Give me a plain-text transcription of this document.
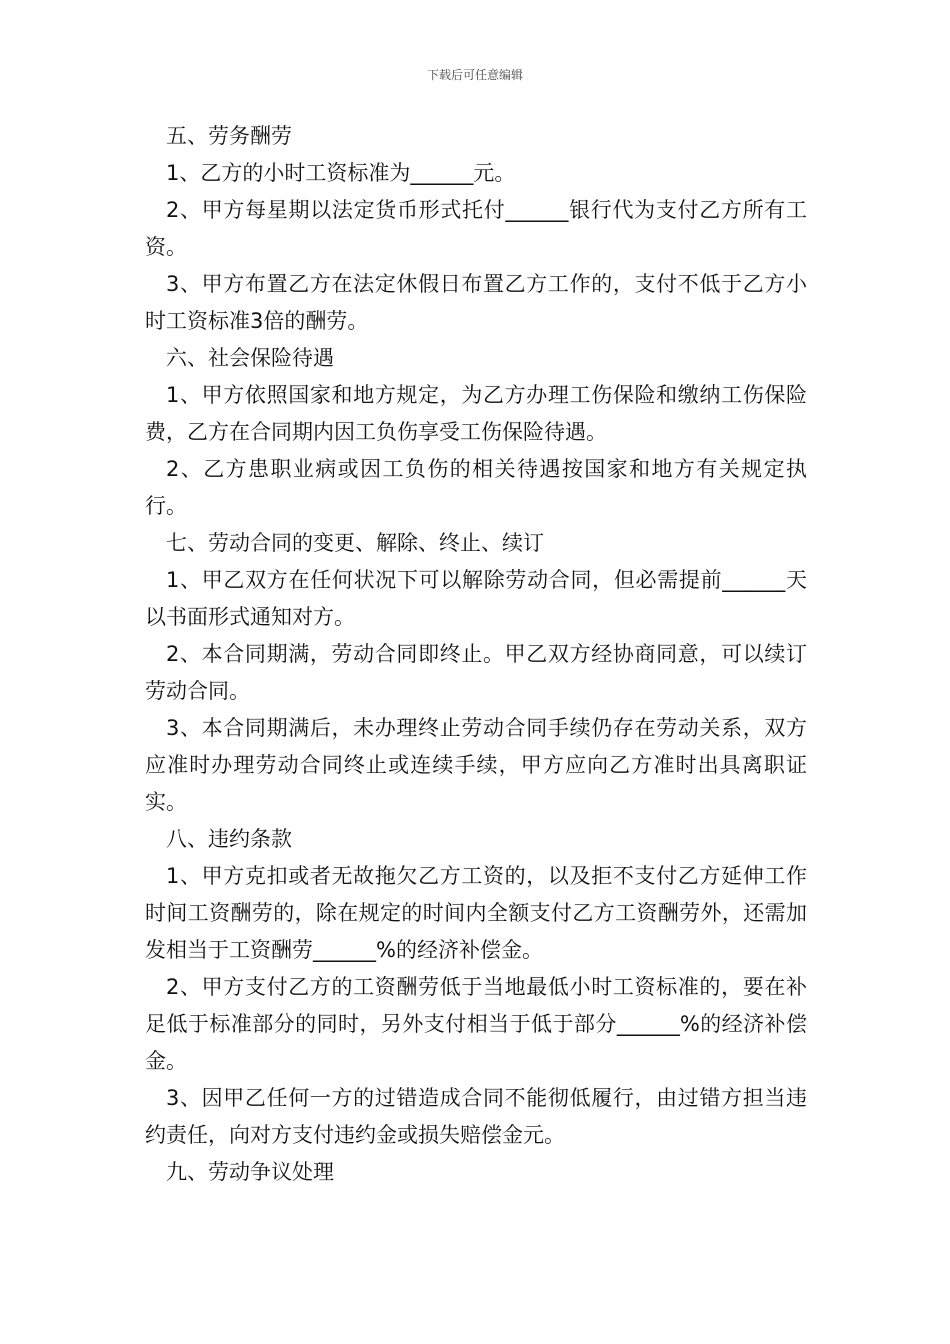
下载后可任意编辑

五、劳务酬劳

1、乙方的小时工资标准为______元。

2、甲方每星期以法定货币形式托付______银行代为支付乙方所有工资。

3、甲方布置乙方在法定休假日布置乙方工作的，支付不低于乙方小时工资标准3倍的酬劳。

六、社会保险待遇

1、甲方依照国家和地方规定，为乙方办理工伤保险和缴纳工伤保险费，乙方在合同期内因工负伤享受工伤保险待遇。

2、乙方患职业病或因工负伤的相关待遇按国家和地方有关规定执行。

七、劳动合同的变更、解除、终止、续订

1、甲乙双方在任何状况下可以解除劳动合同，但必需提前______天以书面形式通知对方。

2、本合同期满，劳动合同即终止。甲乙双方经协商同意，可以续订劳动合同。

3、本合同期满后，未办理终止劳动合同手续仍存在劳动关系，双方应准时办理劳动合同终止或连续手续，甲方应向乙方准时出具离职证实。

八、违约条款

1、甲方克扣或者无故拖欠乙方工资的，以及拒不支付乙方延伸工作时间工资酬劳的，除在规定的时间内全额支付乙方工资酬劳外，还需加发相当于工资酬劳______%的经济补偿金。

2、甲方支付乙方的工资酬劳低于当地最低小时工资标准的，要在补足低于标准部分的同时，另外支付相当于低于部分______%的经济补偿金。

3、因甲乙任何一方的过错造成合同不能彻低履行，由过错方担当违约责任，向对方支付违约金或损失赔偿金元。

九、劳动争议处理
